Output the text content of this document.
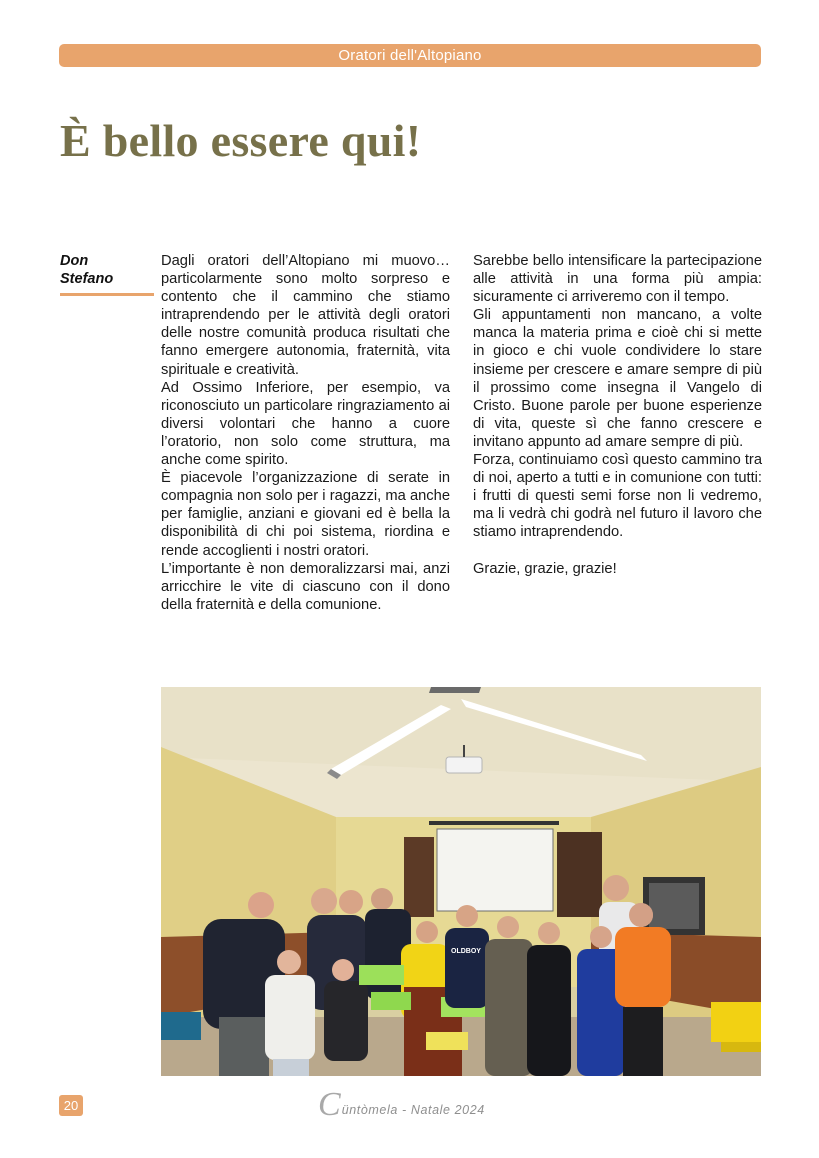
Oratori dell'Altopiano
È bello essere qui!
Don
Stefano

Dagli oratori dell’Altopiano mi muovo… particolarmente sono molto sorpreso e contento che il cammino che stiamo intraprendendo per le attività degli oratori delle nostre comunità produca risultati che fanno emergere autonomia, fraternità, vita spirituale e creatività.

Ad Ossimo Inferiore, per esempio, va riconosciuto un particolare ringraziamento ai diversi volontari che hanno a cuore l’oratorio, non solo come struttura, ma anche come spirito.

È piacevole l’organizzazione di serate in compagnia non solo per i ragazzi, ma anche per famiglie, anziani e giovani ed è bella la disponibilità di chi poi sistema, riordina e rende accoglienti i nostri oratori.

L’importante è non demoralizzarsi mai, anzi arricchire le vite di ciascuno con il dono della fraternità e della comunione.

Sarebbe bello intensificare la partecipazione alle attività in una forma più ampia: sicuramente ci arriveremo con il tempo.

Gli appuntamenti non mancano, a volte manca la materia prima e cioè chi si mette in gioco e chi vuole condividere lo stare insieme per crescere e amare sempre di più il prossimo come insegna il Vangelo di Cristo. Buone parole per buone esperienze di vita, queste sì che fanno crescere e invitano appunto ad amare sempre di più.

Forza, continuiamo così questo cammino tra di noi, aperto a tutti e in comunione con tutti: i frutti di questi semi forse non li vedremo, ma li vedrà chi godrà nel futuro il lavoro che stiamo intraprendendo.

Grazie, grazie, grazie!

OLDBOY
20	C üntòmela - Natale 2024
